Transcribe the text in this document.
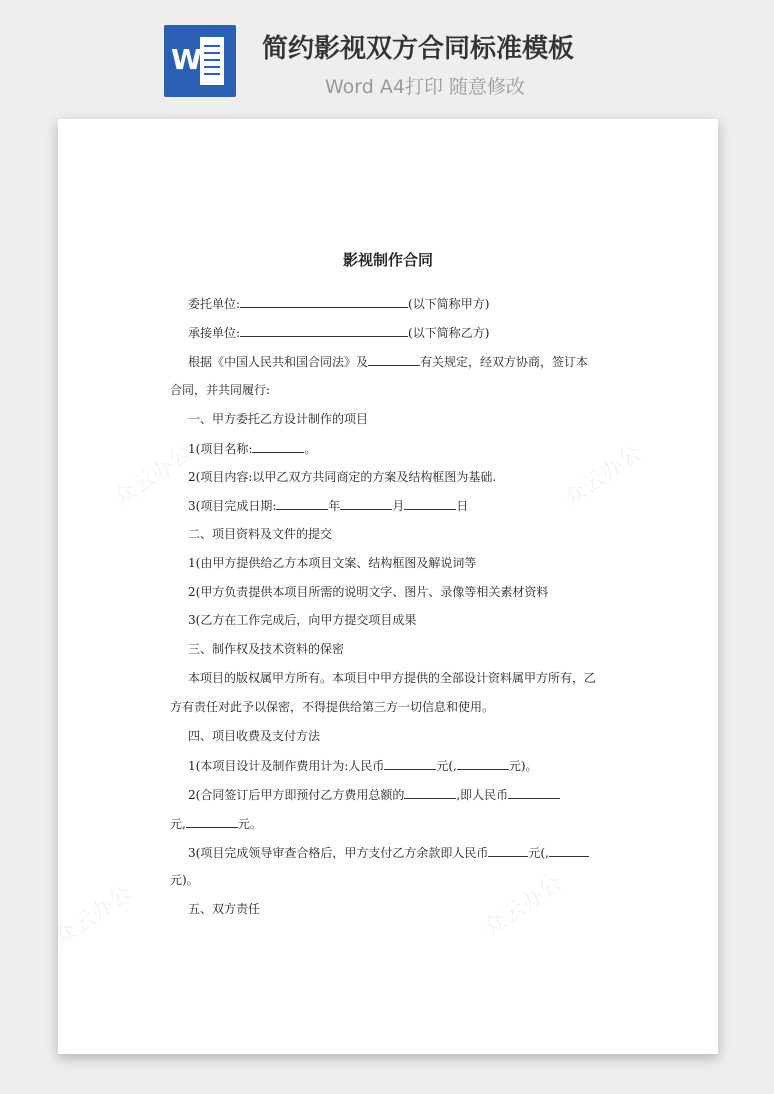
W 简约影视双方合同标准模板
Word A4打印 随意修改
众云办公	众云办公
众云办公	众云办公
影视制作合同
委托单位:	(以下简称甲方)
承接单位:	(以下简称乙方)
根据《中国人民共和国合同法》及	有关规定，经双方协商，签订本
合同，并共同履行:
一、甲方委托乙方设计制作的项目
1(项目名称:	。
2(项目内容:以甲乙双方共同商定的方案及结构框图为基础.
3(项目完成日期:	年	月	日
二、项目资料及文件的提交
1(由甲方提供给乙方本项目文案、结构框图及解说词等
2(甲方负责提供本项目所需的说明文字、图片、录像等相关素材资料
3(乙方在工作完成后，向甲方提交项目成果
三、制作权及技术资料的保密
本项目的版权属甲方所有。本项目中甲方提供的全部设计资料属甲方所有，乙
方有责任对此予以保密，不得提供给第三方一切信息和使用。
四、项目收费及支付方法
1(本项目设计及制作费用计为:人民币	元(,	元)。
2(合同签订后甲方即预付乙方费用总额的	,即人民币
元,	元。
3(项目完成领导审查合格后，甲方支付乙方余款即人民币	元(,
元)。
五、双方责任
